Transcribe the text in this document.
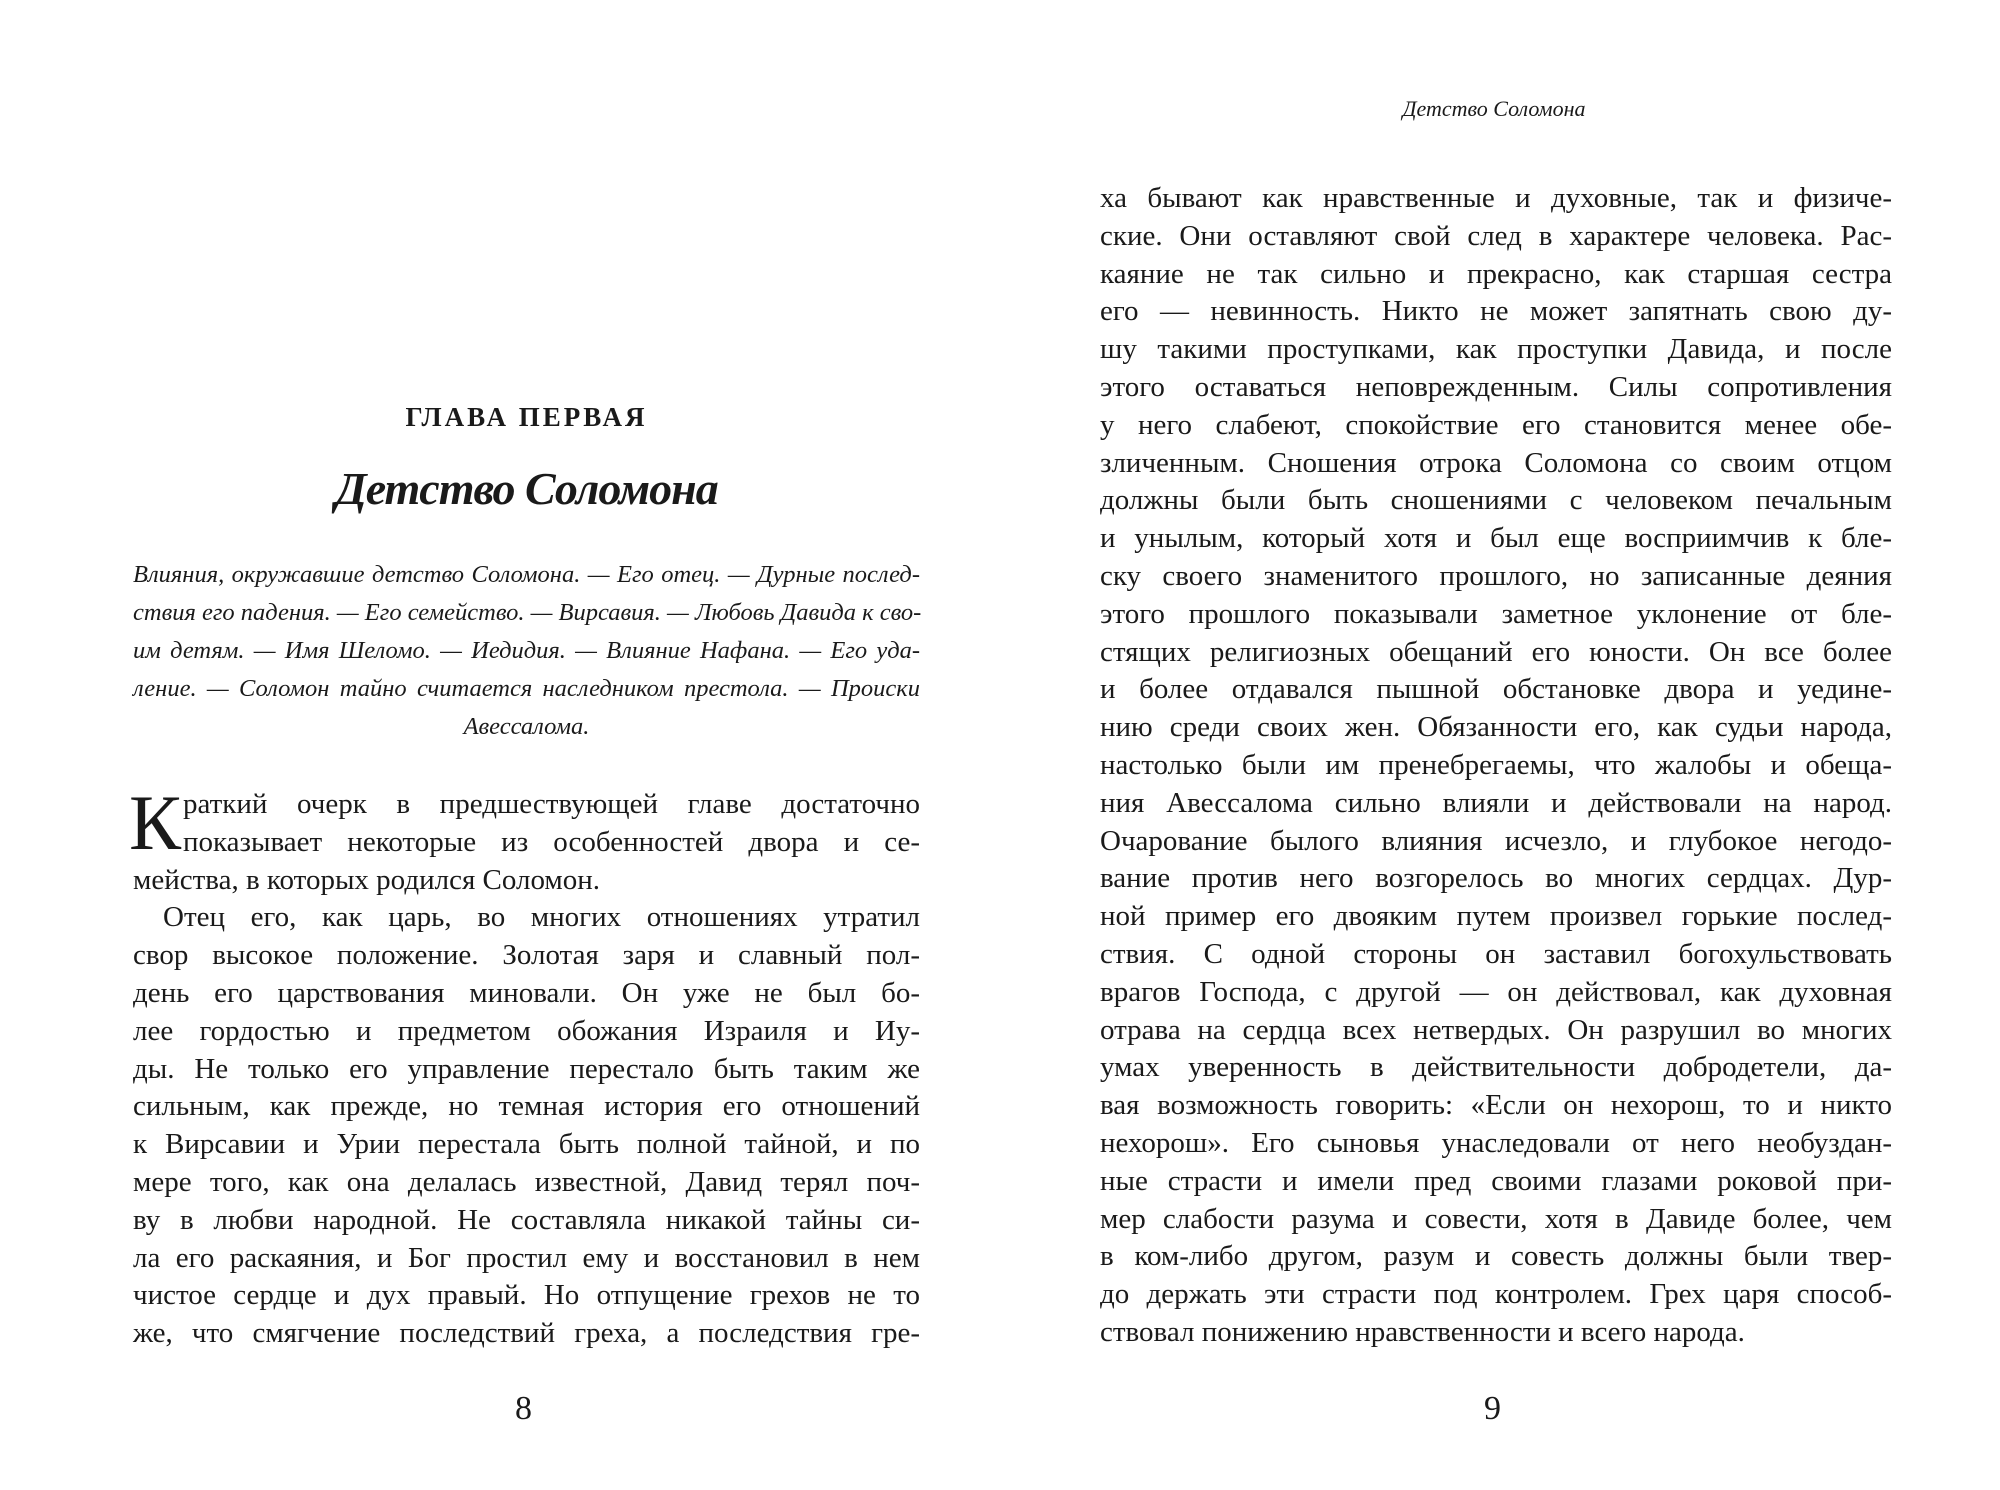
ГЛАВА ПЕРВАЯ
Детство Соломона
Влияния, окружавшие детство Соломона. — Его отец. — Дурные послед-
ствия его падения. — Его семейство. — Вирсавия. — Любовь Давида к сво-
им детям. — Имя Шеломо. — Иедидия. — Влияние Нафана. — Его уда-
ление. — Соломон тайно считается наследником престола. — Происки
Авессалома.
К раткий очерк в предшествующей главе достаточно
показывает некоторые из особенностей двора и се-
мейства, в которых родился Соломон.
Отец его, как царь, во многих отношениях утратил
свор высокое положение. Золотая заря и славный пол-
день его царствования миновали. Он уже не был бо-
лее гордостью и предметом обожания Израиля и Иу-
ды. Не только его управление перестало быть таким же
сильным, как прежде, но темная история его отношений
к Вирсавии и Урии перестала быть полной тайной, и по
мере того, как она делалась известной, Давид терял поч-
ву в любви народной. Не составляла никакой тайны си-
ла его раскаяния, и Бог простил ему и восстановил в нем
чистое сердце и дух правый. Но отпущение грехов не то
же, что смягчение последствий греха, а последствия гре-
8
Детство Соломона
ха бывают как нравственные и духовные, так и физиче-
ские. Они оставляют свой след в характере человека. Рас-
каяние не так сильно и прекрасно, как старшая сестра
его — невинность. Никто не может запятнать свою ду-
шу такими проступками, как проступки Давида, и после
этого оставаться неповрежденным. Силы сопротивления
у него слабеют, спокойствие его становится менее обе-
зличенным. Сношения отрока Соломона со своим отцом
должны были быть сношениями с человеком печальным
и унылым, который хотя и был еще восприимчив к бле-
ску своего знаменитого прошлого, но записанные деяния
этого прошлого показывали заметное уклонение от бле-
стящих религиозных обещаний его юности. Он все более
и более отдавался пышной обстановке двора и уедине-
нию среди своих жен. Обязанности его, как судьи народа,
настолько были им пренебрегаемы, что жалобы и обеща-
ния Авессалома сильно влияли и действовали на народ.
Очарование былого влияния исчезло, и глубокое негодо-
вание против него возгорелось во многих сердцах. Дур-
ной пример его двояким путем произвел горькие послед-
ствия. С одной стороны он заставил богохульствовать
врагов Господа, с другой — он действовал, как духовная
отрава на сердца всех нетвердых. Он разрушил во многих
умах уверенность в действительности добродетели, да-
вая возможность говорить: «Если он нехорош, то и никто
нехорош». Его сыновья унаследовали от него необуздан-
ные страсти и имели пред своими глазами роковой при-
мер слабости разума и совести, хотя в Давиде более, чем
в ком-либо другом, разум и совесть должны были твер-
до держать эти страсти под контролем. Грех царя способ-
ствовал понижению нравственности и всего народа.
9
